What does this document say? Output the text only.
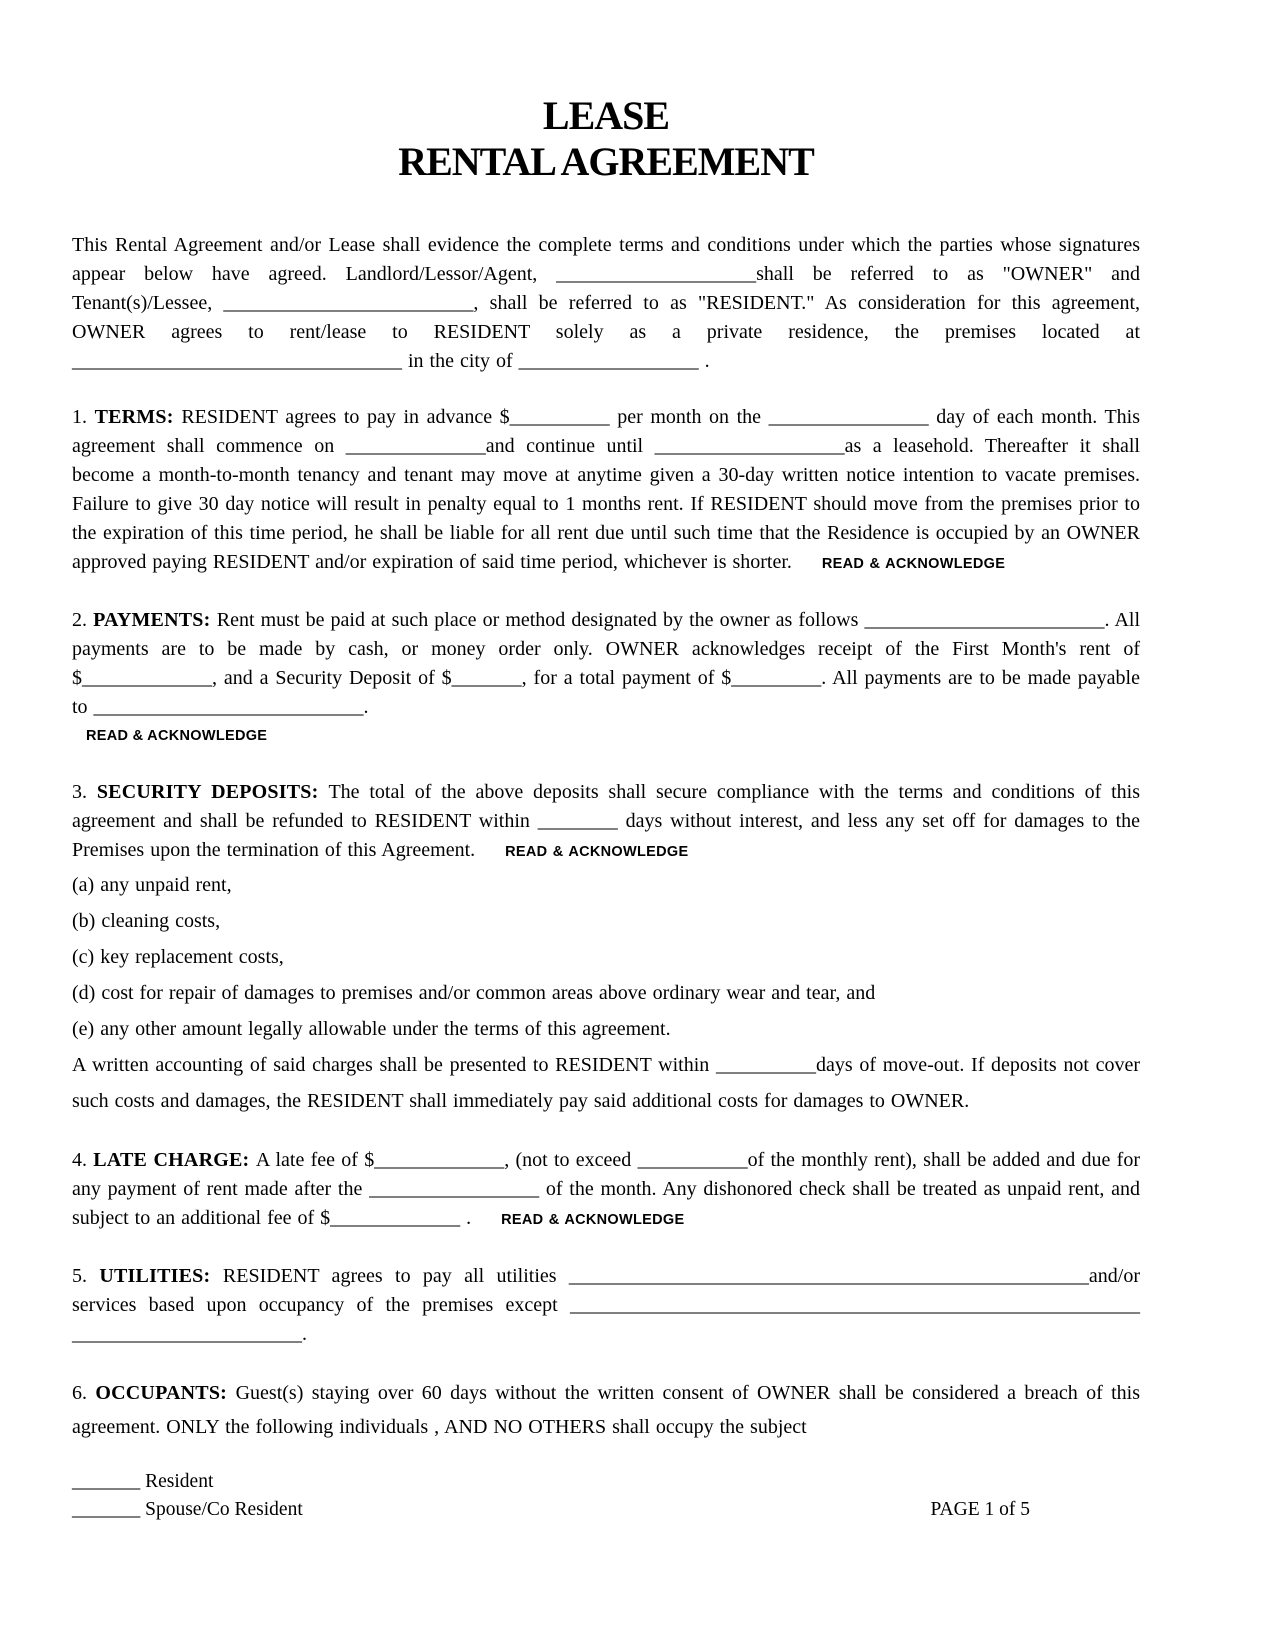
LEASE
RENTAL AGREEMENT

This Rental Agreement and/or Lease shall evidence the complete terms and conditions under which the parties whose signatures appear below have agreed. Landlord/Lessor/Agent, ____________________shall be referred to as "OWNER" and Tenant(s)/Lessee, _________________________, shall be referred to as "RESIDENT." As consideration for this agreement, OWNER agrees to rent/lease to RESIDENT solely as a private residence, the premises located at _________________________________ in the city of __________________ .

1. TERMS: RESIDENT agrees to pay in advance $__________ per month on the ________________ day of each month. This agreement shall commence on ______________and continue until ___________________as a leasehold. Thereafter it shall become a month-to-month tenancy and tenant may move at anytime given a 30-day written notice intention to vacate premises. Failure to give 30 day notice will result in penalty equal to 1 months rent. If RESIDENT should move from the premises prior to the expiration of this time period, he shall be liable for all rent due until such time that the Residence is occupied by an OWNER approved paying RESIDENT and/or expiration of said time period, whichever is shorter. READ & ACKNOWLEDGE

2. PAYMENTS: Rent must be paid at such place or method designated by the owner as follows ________________________. All payments are to be made by cash, or money order only. OWNER acknowledges receipt of the First Month's rent of $_____________, and a Security Deposit of $_______, for a total payment of $_________. All payments are to be made payable to ___________________________.

READ & ACKNOWLEDGE

3. SECURITY DEPOSITS: The total of the above deposits shall secure compliance with the terms and conditions of this agreement and shall be refunded to RESIDENT within ________ days without interest, and less any set off for damages to the Premises upon the termination of this Agreement. READ & ACKNOWLEDGE

(a) any unpaid rent,

(b) cleaning costs,

(c) key replacement costs,

(d) cost for repair of damages to premises and/or common areas above ordinary wear and tear, and

(e) any other amount legally allowable under the terms of this agreement.

A written accounting of said charges shall be presented to RESIDENT within __________days of move-out. If deposits not cover such costs and damages, the RESIDENT shall immediately pay said additional costs for damages to OWNER.

4. LATE CHARGE: A late fee of $_____________, (not to exceed ___________of the monthly rent), shall be added and due for any payment of rent made after the _________________ of the month. Any dishonored check shall be treated as unpaid rent, and subject to an additional fee of $_____________ . READ & ACKNOWLEDGE

5. UTILITIES: RESIDENT agrees to pay all utilities ____________________________________________________and/or services based upon occupancy of the premises except _________________________________________________________ _______________________.

6. OCCUPANTS: Guest(s) staying over 60 days without the written consent of OWNER shall be considered a breach of this agreement. ONLY the following individuals , AND NO OTHERS shall occupy the subject

_______ Resident
_______ Spouse/Co Resident	PAGE 1 of 5
